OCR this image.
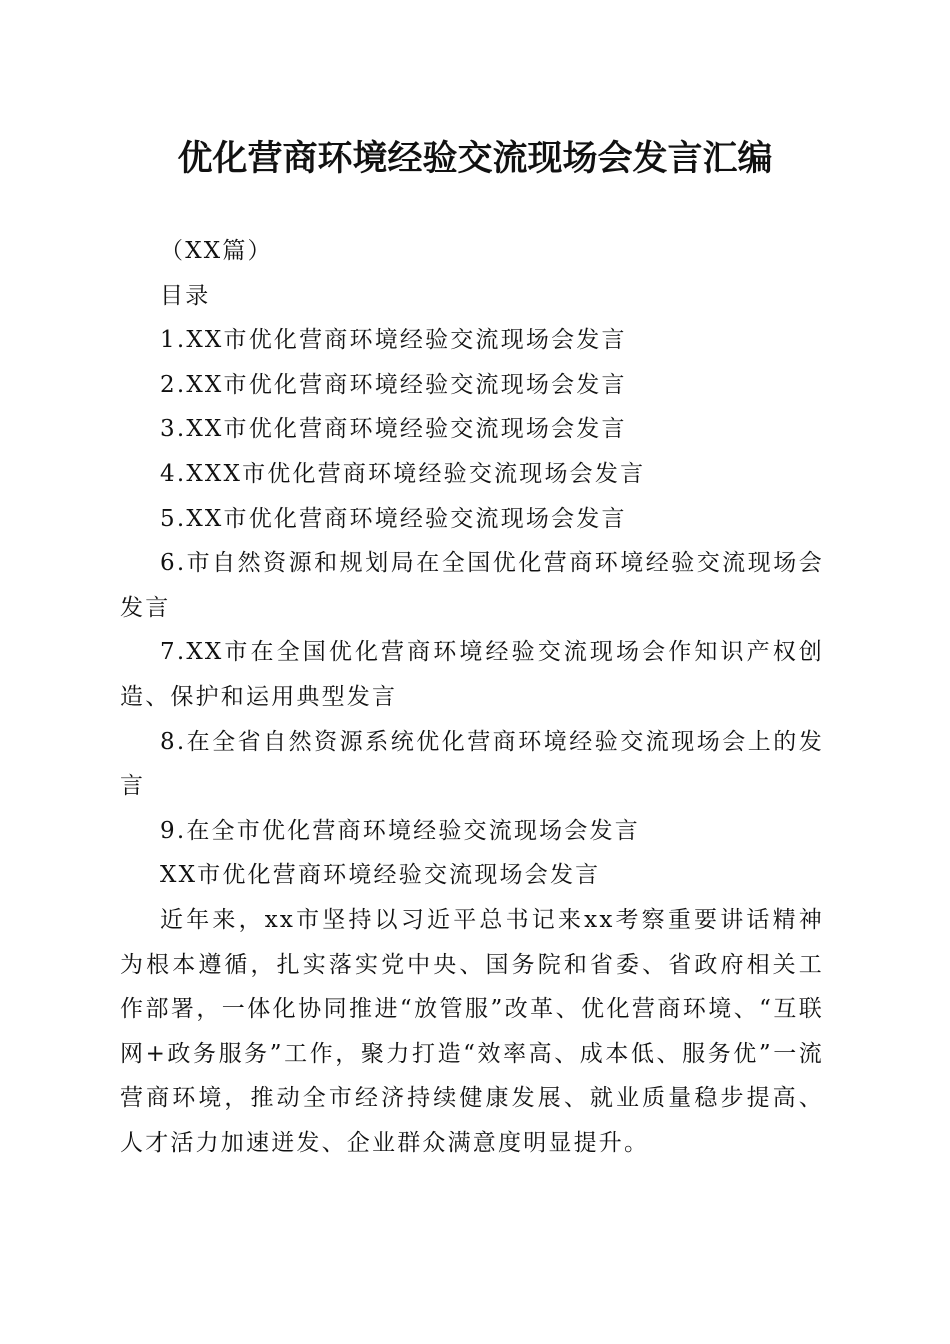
优化营商环境经验交流现场会发言汇编

（XX篇）

目录

1.XX市优化营商环境经验交流现场会发言

2.XX市优化营商环境经验交流现场会发言

3.XX市优化营商环境经验交流现场会发言

4.XXX市优化营商环境经验交流现场会发言

5.XX市优化营商环境经验交流现场会发言

6.市自然资源和规划局在全国优化营商环境经验交流现场会发言

7.XX市在全国优化营商环境经验交流现场会作知识产权创造、保护和运用典型发言

8.在全省自然资源系统优化营商环境经验交流现场会上的发言

9.在全市优化营商环境经验交流现场会发言

XX市优化营商环境经验交流现场会发言

近年来，xx市坚持以习近平总书记来xx考察重要讲话精神为根本遵循，扎实落实党中央、国务院和省委、省政府相关工作部署，一体化协同推进“放管服”改革、优化营商环境、“互联网+政务服务”工作，聚力打造“效率高、成本低、服务优”一流营商环境，推动全市经济持续健康发展、就业质量稳步提高、人才活力加速迸发、企业群众满意度明显提升。
